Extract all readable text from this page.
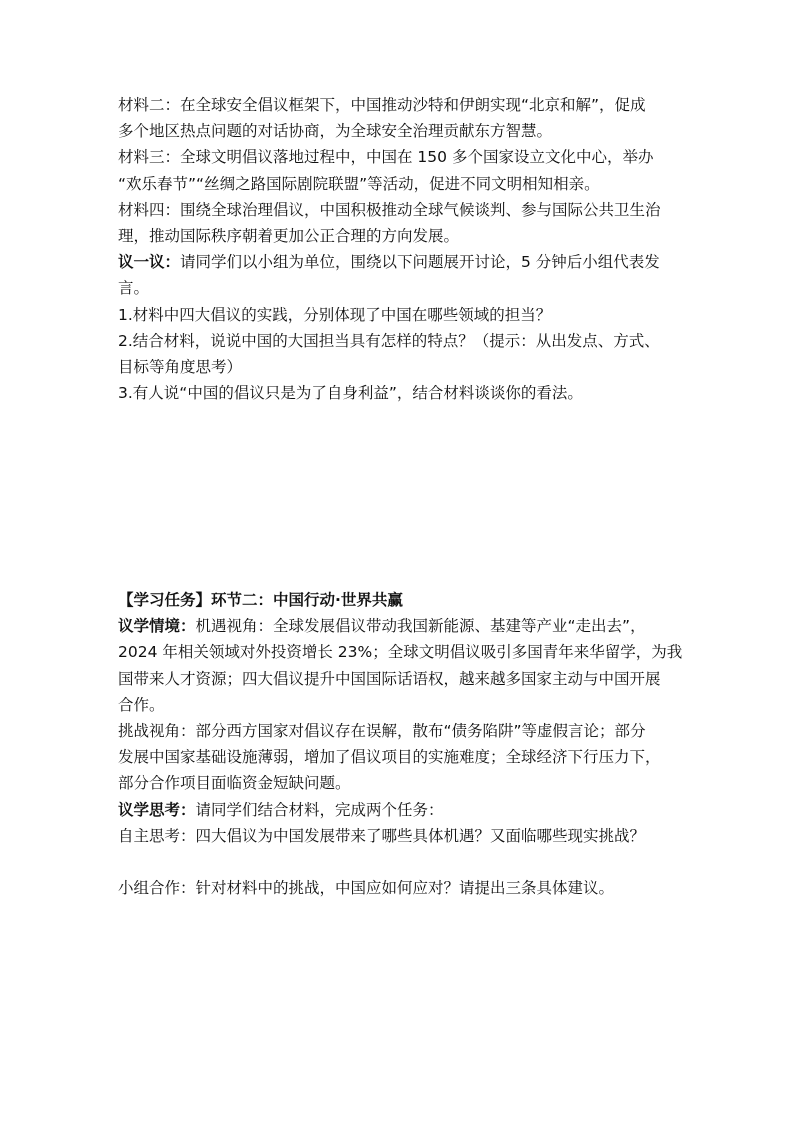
材料二：在全球安全倡议框架下，中国推动沙特和伊朗实现“北京和解”，促成
多个地区热点问题的对话协商，为全球安全治理贡献东方智慧。
材料三：全球文明倡议落地过程中，中国在 150 多个国家设立文化中心，举办
“欢乐春节”“丝绸之路国际剧院联盟”等活动，促进不同文明相知相亲。
材料四：围绕全球治理倡议，中国积极推动全球气候谈判、参与国际公共卫生治
理，推动国际秩序朝着更加公正合理的方向发展。
议一议：请同学们以小组为单位，围绕以下问题展开讨论，5 分钟后小组代表发
言。
1.材料中四大倡议的实践，分别体现了中国在哪些领域的担当？
2.结合材料，说说中国的大国担当具有怎样的特点？（提示：从出发点、方式、
目标等角度思考）
3.有人说“中国的倡议只是为了自身利益”，结合材料谈谈你的看法。
【学习任务】环节二：中国行动·世界共赢
议学情境：机遇视角：全球发展倡议带动我国新能源、基建等产业“走出去”，
2024 年相关领域对外投资增长 23%；全球文明倡议吸引多国青年来华留学，为我
国带来人才资源；四大倡议提升中国国际话语权，越来越多国家主动与中国开展
合作。
挑战视角：部分西方国家对倡议存在误解，散布“债务陷阱”等虚假言论；部分
发展中国家基础设施薄弱，增加了倡议项目的实施难度；全球经济下行压力下，
部分合作项目面临资金短缺问题。
议学思考：请同学们结合材料，完成两个任务：
自主思考：四大倡议为中国发展带来了哪些具体机遇？又面临哪些现实挑战？

小组合作：针对材料中的挑战，中国应如何应对？请提出三条具体建议。
